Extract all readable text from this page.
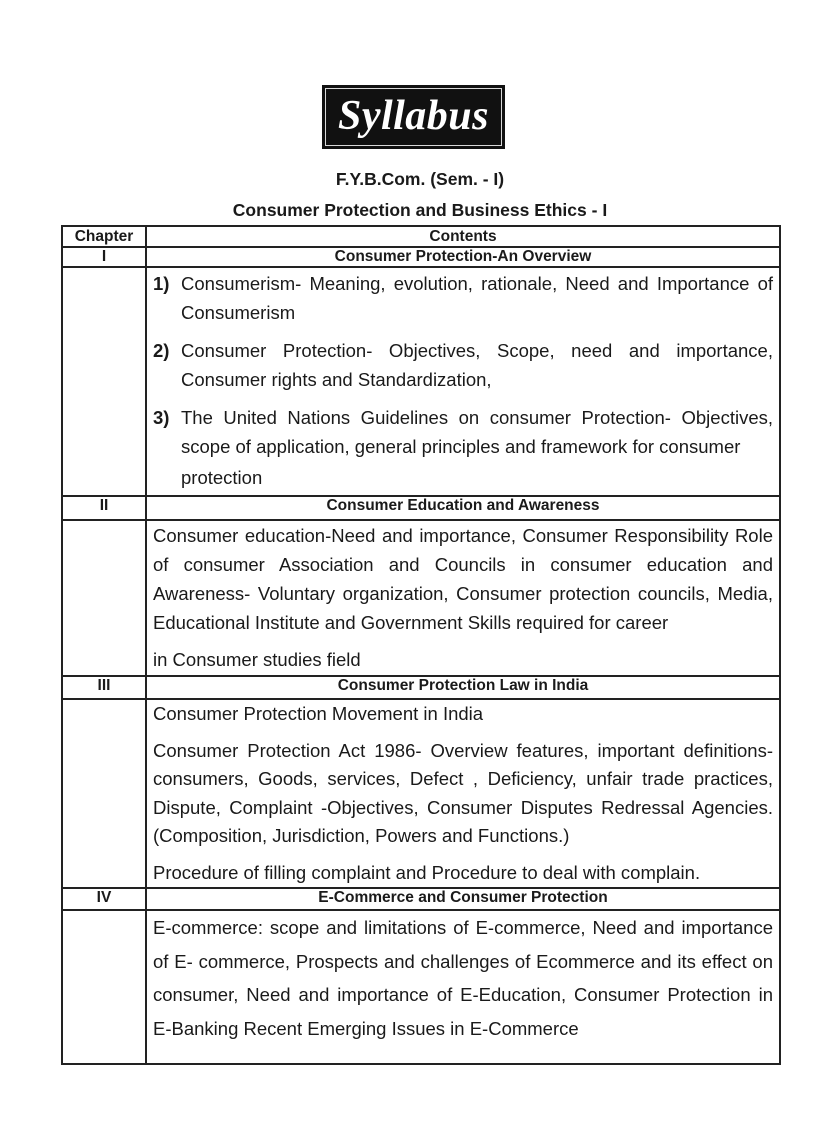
Syllabus
F.Y.B.Com. (Sem. - I)
Consumer Protection and Business Ethics - I
Chapter	Contents
I	Consumer Protection-An Overview

1) Consumerism- Meaning, evolution, rationale, Need and Importance of Consumerism
2) Consumer Protection- Objectives, Scope, need and importance, Consumer rights and Standardization,
3) The United Nations Guidelines on consumer Protection- Objectives, scope of application, general principles and framework for consumer
protection

II	Consumer Education and Awareness

	Consumer education-Need and importance, Consumer Responsibility Role of consumer Association and Councils in consumer education and Awareness- Voluntary organization, Consumer protection councils, Media, Educational Institute and Government Skills required for career

in Consumer studies field

III	Consumer Protection Law in India

	Consumer Protection Movement in India

Consumer Protection Act 1986- Overview features, important definitions-consumers, Goods, services, Defect , Deficiency, unfair trade practices, Dispute, Complaint -Objectives, Consumer Disputes Redressal Agencies. (Composition, Jurisdiction, Powers and Functions.)

Procedure of filling complaint and Procedure to deal with complain.

IV	E-Commerce and Consumer Protection

	E-commerce: scope and limitations of E-commerce, Need and importance of E- commerce, Prospects and challenges of Ecommerce and its effect on consumer, Need and importance of E-Education, Consumer Protection in E-Banking Recent Emerging Issues in E-Commerce
